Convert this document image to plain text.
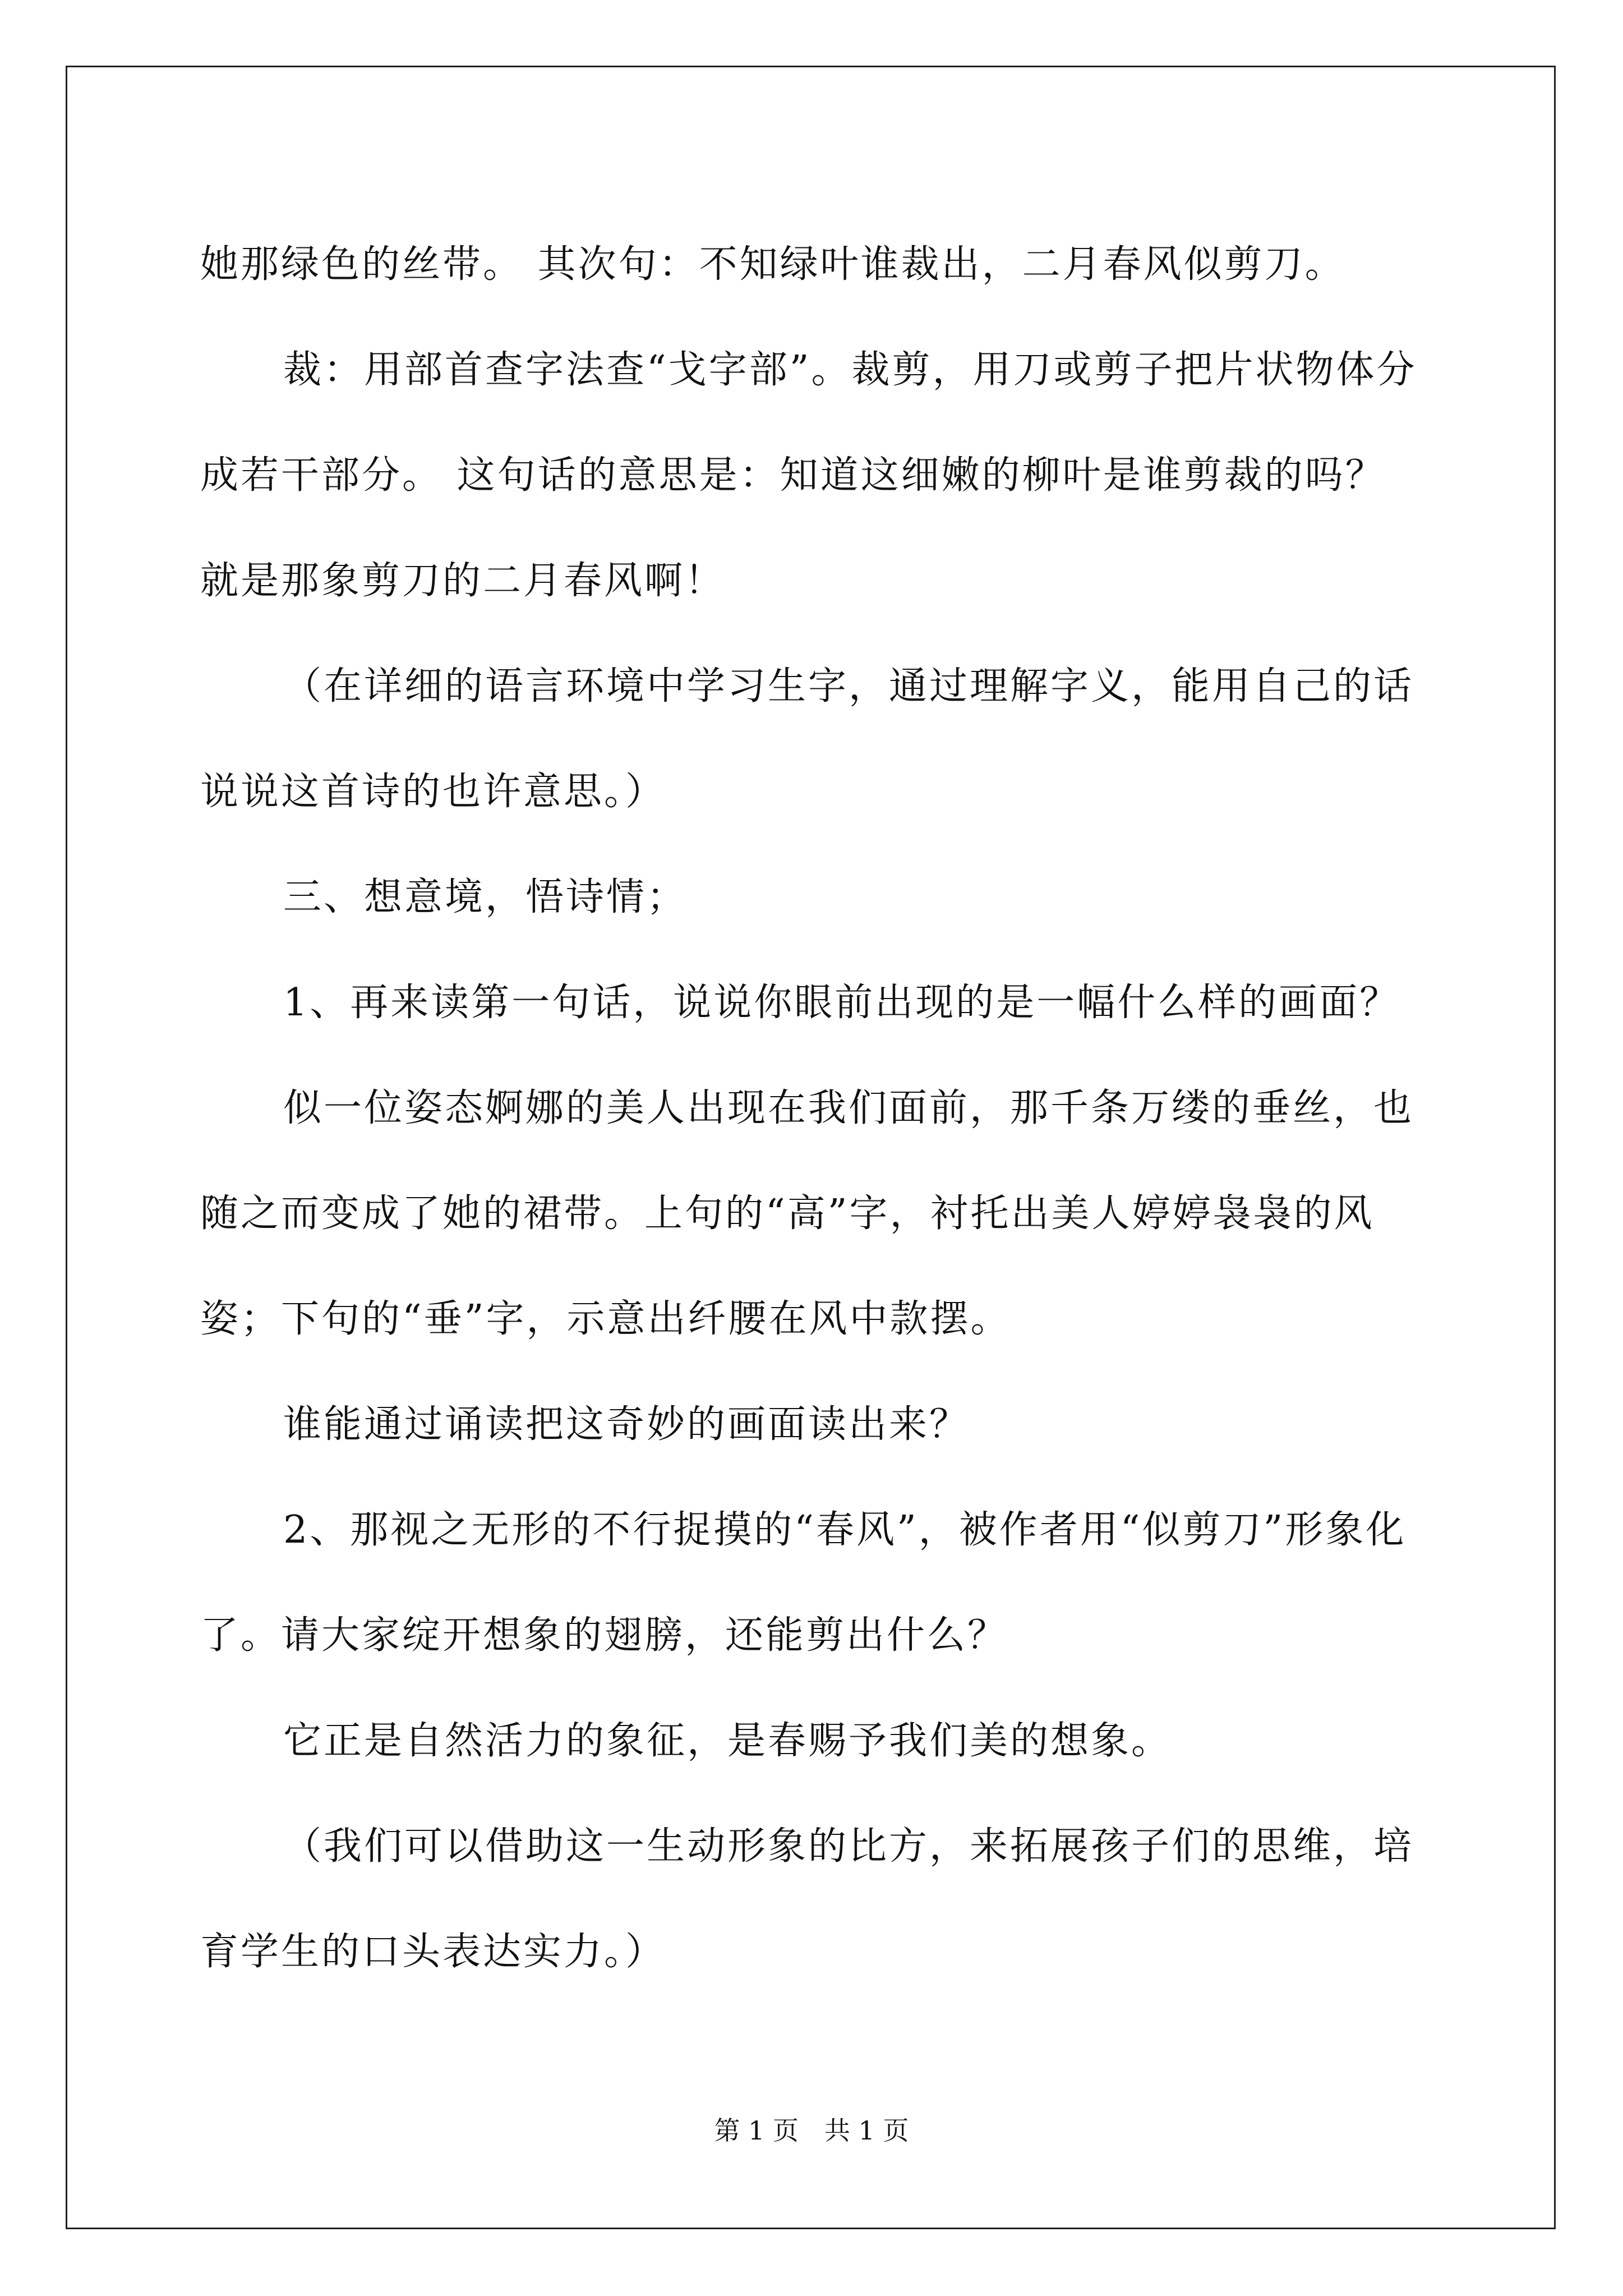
她那绿色的丝带。 其次句：不知绿叶谁裁出，二月春风似剪刀。

裁：用部首查字法查“戈字部”。裁剪，用刀或剪子把片状物体分成若干部分。 这句话的意思是：知道这细嫩的柳叶是谁剪裁的吗？就是那象剪刀的二月春风啊！

（在详细的语言环境中学习生字，通过理解字义，能用自己的话说说这首诗的也许意思。）

三、想意境，悟诗情；

1、再来读第一句话，说说你眼前出现的是一幅什么样的画面？

似一位姿态婀娜的美人出现在我们面前，那千条万缕的垂丝，也随之而变成了她的裙带。上句的“高”字，衬托出美人婷婷袅袅的风姿；下句的“垂”字，示意出纤腰在风中款摆。

谁能通过诵读把这奇妙的画面读出来？

2、那视之无形的不行捉摸的“春风”，被作者用“似剪刀”形象化了。请大家绽开想象的翅膀，还能剪出什么？

它正是自然活力的象征，是春赐予我们美的想象。

（我们可以借助这一生动形象的比方，来拓展孩子们的思维，培育学生的口头表达实力。）

第 1 页 共 1 页
